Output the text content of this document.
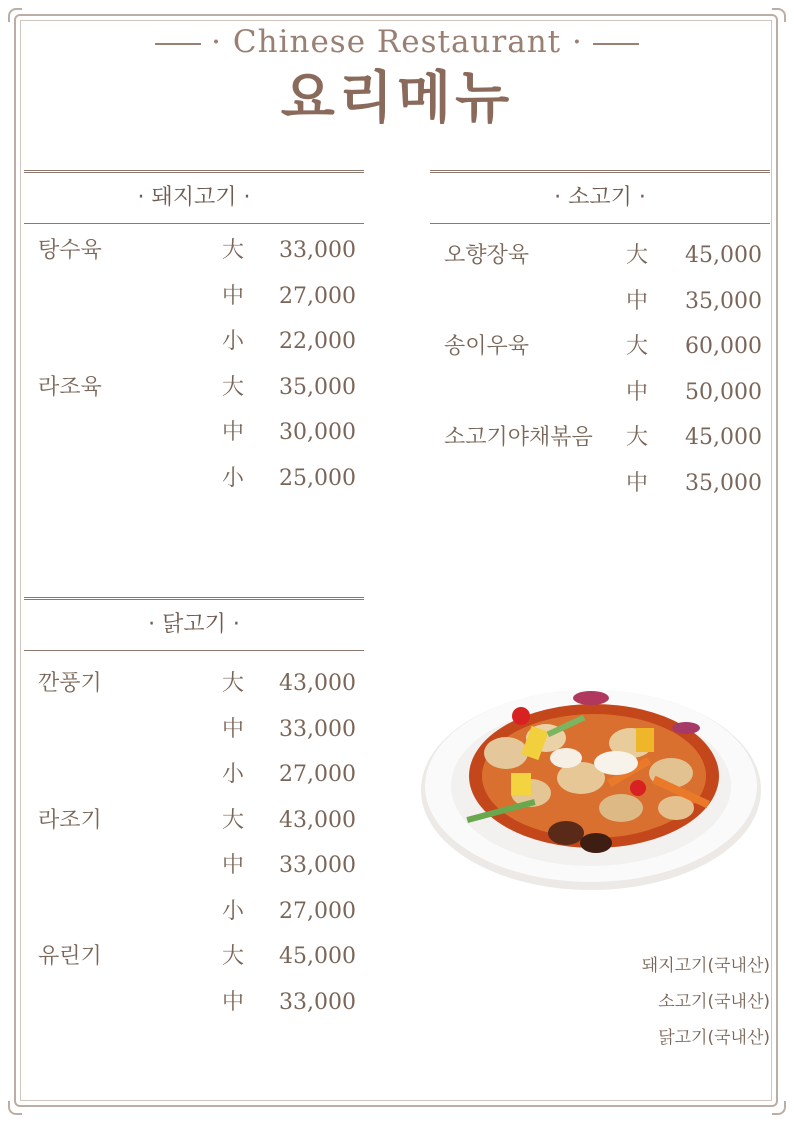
· Chinese Restaurant ·
요리메뉴
· 돼지고기 ·
탕수육	大 33,000
中 27,000
小 22,000
라조육	大 35,000
中 30,000
小 25,000
· 소고기 ·
오향장육	大 45,000
中 35,000
송이우육	大 60,000
中 50,000
소고기야채볶음 大 45,000
中 35,000
· 닭고기 ·
깐풍기	大 43,000
中 33,000
小 27,000
라조기	大 43,000
中 33,000
小 27,000
유린기	大 45,000
中 33,000
돼지고기(국내산)
소고기(국내산)
닭고기(국내산)
